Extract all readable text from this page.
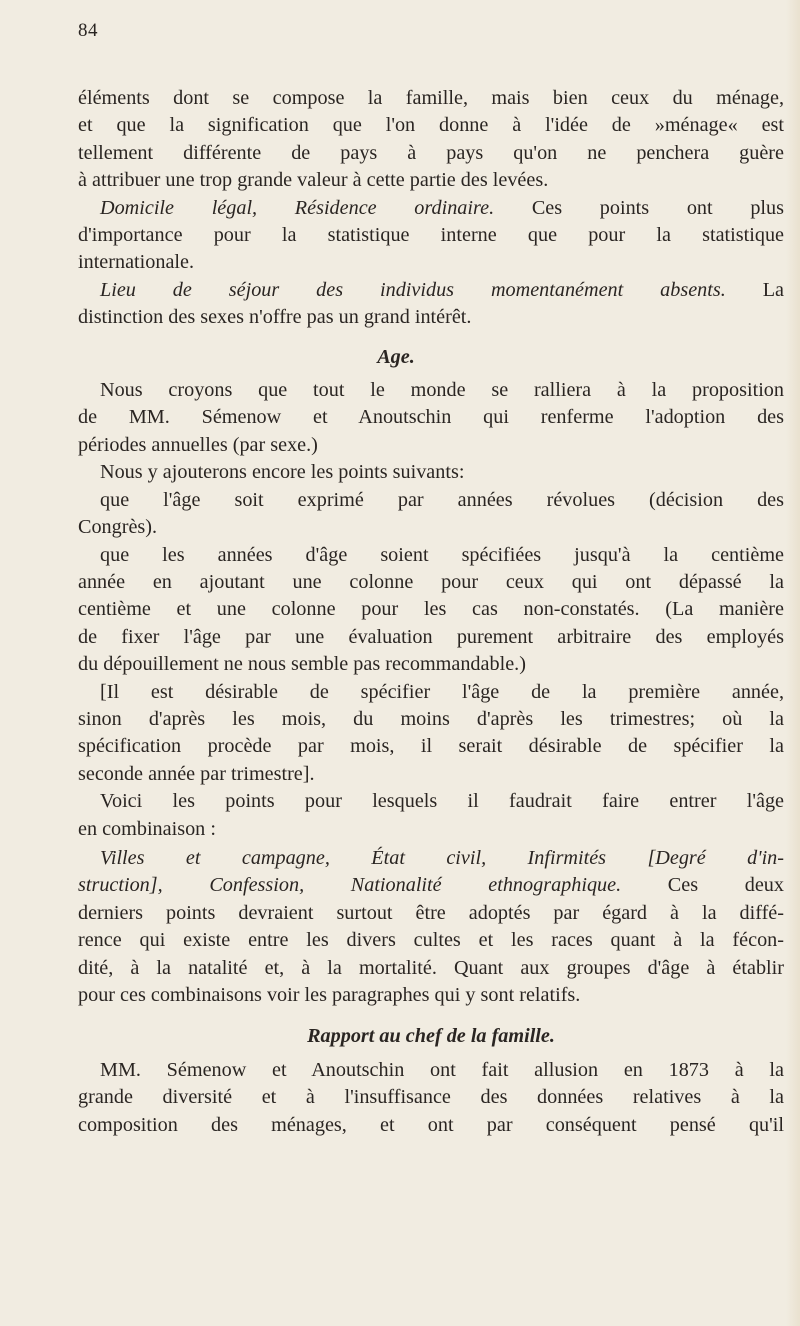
84
éléments dont se compose la famille, mais bien ceux du ménage,
et que la signification que l'on donne à l'idée de »ménage« est
tellement différente de pays à pays qu'on ne penchera guère
à attribuer une trop grande valeur à cette partie des levées.
Domicile légal, Résidence ordinaire. Ces points ont plus
d'importance pour la statistique interne que pour la statistique
internationale.
Lieu de séjour des individus momentanément absents. La
distinction des sexes n'offre pas un grand intérêt.
Age.
Nous croyons que tout le monde se ralliera à la proposition
de MM. Sémenow et Anoutschin qui renferme l'adoption des
périodes annuelles (par sexe.)
Nous y ajouterons encore les points suivants:
que l'âge soit exprimé par années révolues (décision des
Congrès).
que les années d'âge soient spécifiées jusqu'à la centième
année en ajoutant une colonne pour ceux qui ont dépassé la
centième et une colonne pour les cas non-constatés. (La manière
de fixer l'âge par une évaluation purement arbitraire des employés
du dépouillement ne nous semble pas recommandable.)
[Il est désirable de spécifier l'âge de la première année,
sinon d'après les mois, du moins d'après les trimestres; où la
spécification procède par mois, il serait désirable de spécifier la
seconde année par trimestre].
Voici les points pour lesquels il faudrait faire entrer l'âge
en combinaison :
Villes et campagne, État civil, Infirmités [Degré d'in-
struction], Confession, Nationalité ethnographique. Ces deux
derniers points devraient surtout être adoptés par égard à la diffé-
rence qui existe entre les divers cultes et les races quant à la fécon-
dité, à la natalité et, à la mortalité. Quant aux groupes d'âge à établir
pour ces combinaisons voir les paragraphes qui y sont relatifs.
Rapport au chef de la famille.
MM. Sémenow et Anoutschin ont fait allusion en 1873 à la
grande diversité et à l'insuffisance des données relatives à la
composition des ménages, et ont par conséquent pensé qu'il
